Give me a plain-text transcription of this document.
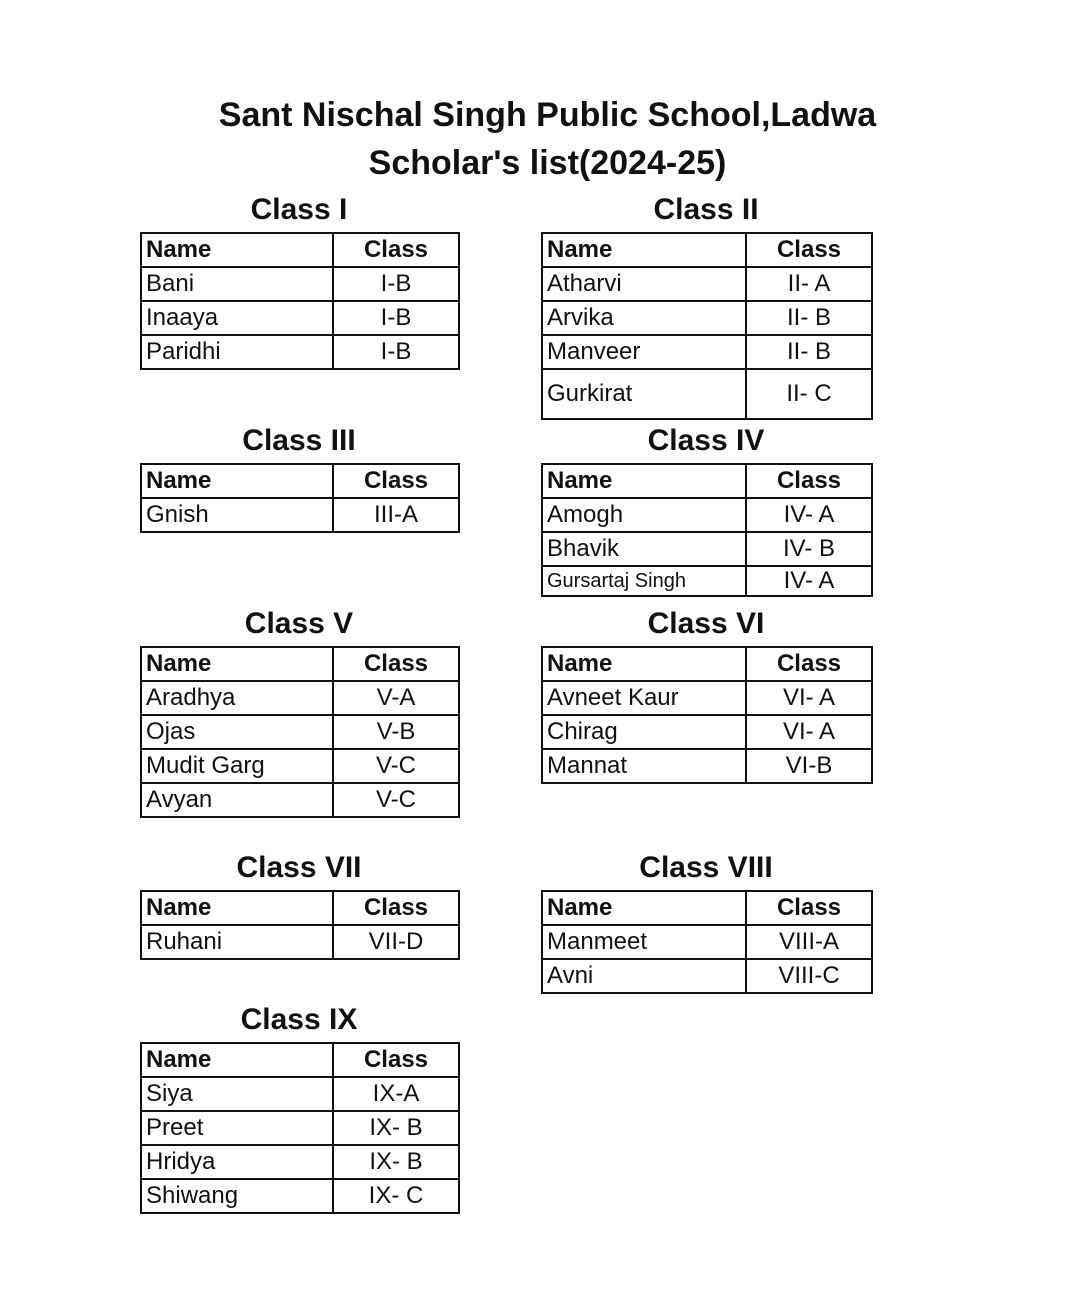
Sant Nischal Singh Public School,Ladwa
Scholar's list(2024-25)
Class I
Name	Class
Bani	I-B
Inaaya	I-B
Paridhi	I-B
Class II
Name	Class
Atharvi	II- A
Arvika	II- B
Manveer	II- B
Gurkirat	II- C
Class III
Name	Class
Gnish	III-A
Class IV
Name	Class
Amogh	IV- A
Bhavik	IV- B
Gursartaj Singh	IV- A
Class V
Name	Class
Aradhya	V-A
Ojas	V-B
Mudit Garg	V-C
Avyan	V-C
Class VI
Name	Class
Avneet Kaur	VI- A
Chirag	VI- A
Mannat	VI-B
Class VII
Name	Class
Ruhani	VII-D
Class VIII
Name	Class
Manmeet	VIII-A
Avni	VIII-C
Class IX
Name	Class
Siya	IX-A
Preet	IX- B
Hridya	IX- B
Shiwang	IX- C
